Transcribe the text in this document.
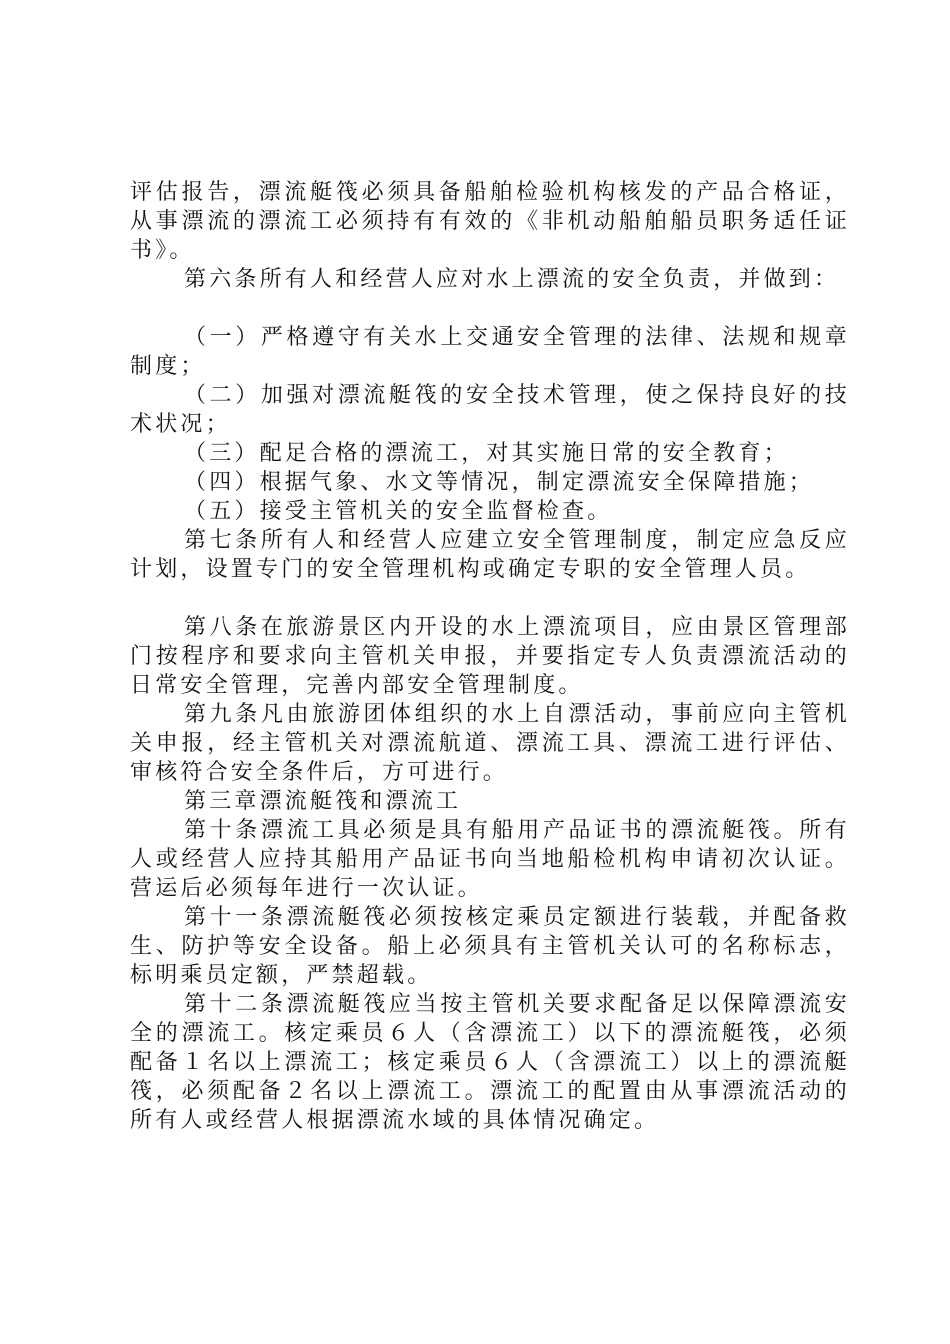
评估报告，漂流艇筏必须具备船舶检验机构核发的产品合格证，从事漂流的漂流工必须持有有效的《非机动船舶船员职务适任证书》。

第六条所有人和经营人应对水上漂流的安全负责，并做到：

（一）严格遵守有关水上交通安全管理的法律、法规和规章制度；

（二）加强对漂流艇筏的安全技术管理，使之保持良好的技术状况；

（三）配足合格的漂流工，对其实施日常的安全教育；

（四）根据气象、水文等情况，制定漂流安全保障措施；

（五）接受主管机关的安全监督检查。

第七条所有人和经营人应建立安全管理制度，制定应急反应计划，设置专门的安全管理机构或确定专职的安全管理人员。

第八条在旅游景区内开设的水上漂流项目，应由景区管理部门按程序和要求向主管机关申报，并要指定专人负责漂流活动的日常安全管理，完善内部安全管理制度。

第九条凡由旅游团体组织的水上自漂活动，事前应向主管机关申报，经主管机关对漂流航道、漂流工具、漂流工进行评估、审核符合安全条件后，方可进行。

第三章漂流艇筏和漂流工

第十条漂流工具必须是具有船用产品证书的漂流艇筏。所有人或经营人应持其船用产品证书向当地船检机构申请初次认证。营运后必须每年进行一次认证。

第十一条漂流艇筏必须按核定乘员定额进行装载，并配备救生、防护等安全设备。船上必须具有主管机关认可的名称标志，标明乘员定额，严禁超载。

第十二条漂流艇筏应当按主管机关要求配备足以保障漂流安全的漂流工。核定乘员６人（含漂流工）以下的漂流艇筏，必须配备１名以上漂流工；核定乘员６人（含漂流工）以上的漂流艇筏，必须配备２名以上漂流工。漂流工的配置由从事漂流活动的所有人或经营人根据漂流水域的具体情况确定。
